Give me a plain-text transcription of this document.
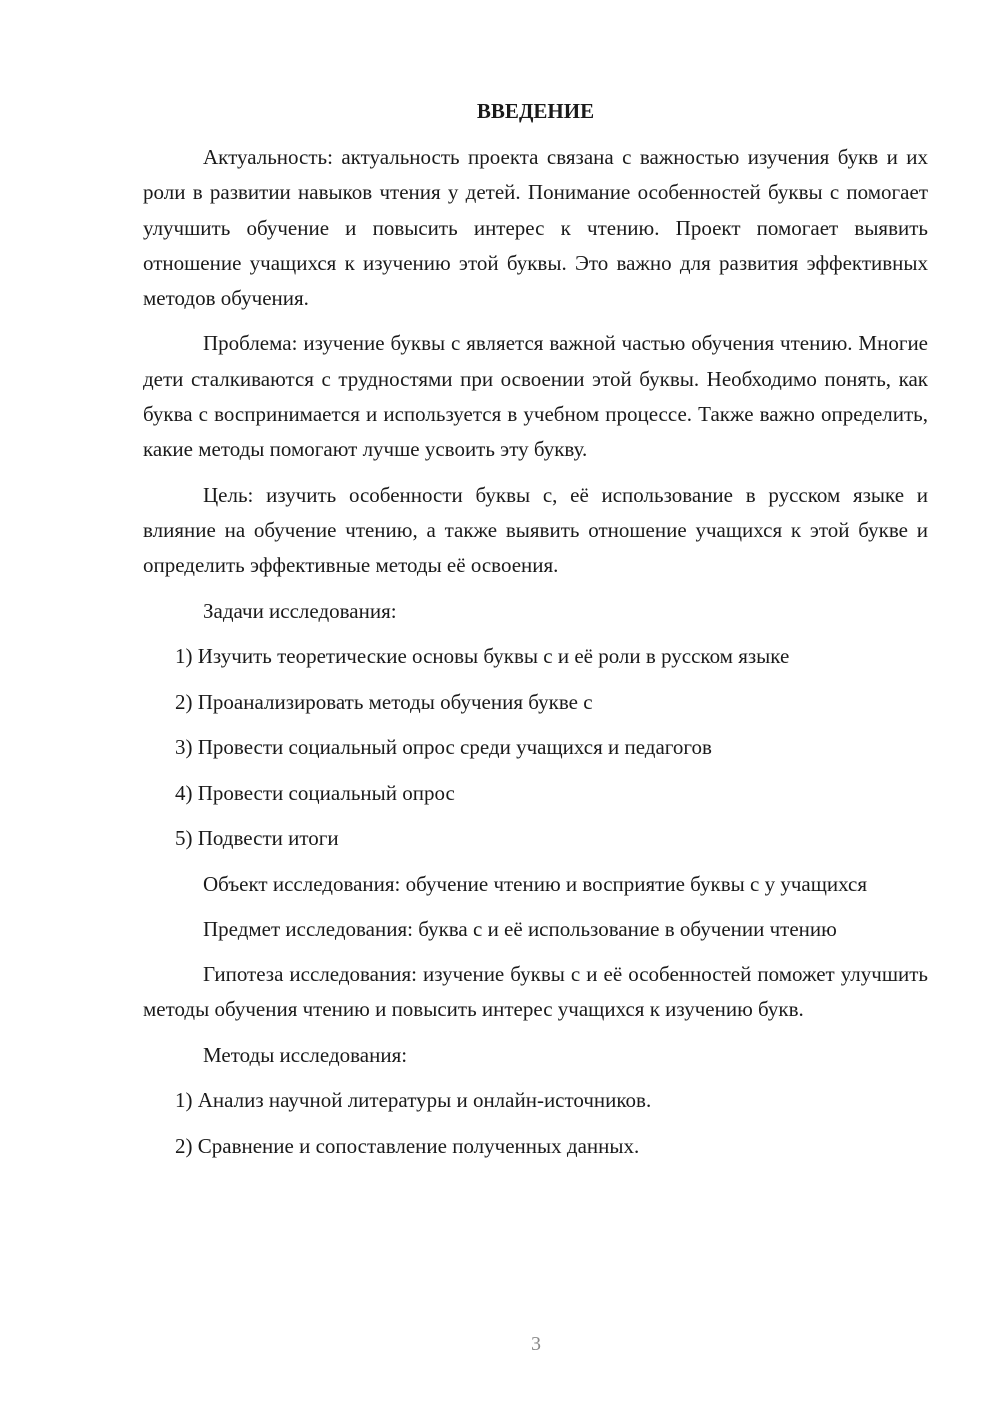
ВВЕДЕНИЕ

Актуальность: актуальность проекта связана с важностью изучения букв и их роли в развитии навыков чтения у детей. Понимание особенностей буквы с помогает улучшить обучение и повысить интерес к чтению. Проект помогает выявить отношение учащихся к изучению этой буквы. Это важно для развития эффективных методов обучения.

Проблема: изучение буквы с является важной частью обучения чтению. Многие дети сталкиваются с трудностями при освоении этой буквы. Необходимо понять, как буква с воспринимается и используется в учебном процессе. Также важно определить, какие методы помогают лучше усвоить эту букву.

Цель: изучить особенности буквы с, её использование в русском языке и влияние на обучение чтению, а также выявить отношение учащихся к этой букве и определить эффективные методы её освоения.

Задачи исследования:

1) Изучить теоретические основы буквы с и её роли в русском языке

2) Проанализировать методы обучения букве с

3) Провести социальный опрос среди учащихся и педагогов

4) Провести социальный опрос

5) Подвести итоги

Объект исследования: обучение чтению и восприятие буквы с у учащихся

Предмет исследования: буква с и её использование в обучении чтению

Гипотеза исследования: изучение буквы с и её особенностей поможет улучшить методы обучения чтению и повысить интерес учащихся к изучению букв.

Методы исследования:

1) Анализ научной литературы и онлайн-источников.

2) Сравнение и сопоставление полученных данных.

3
